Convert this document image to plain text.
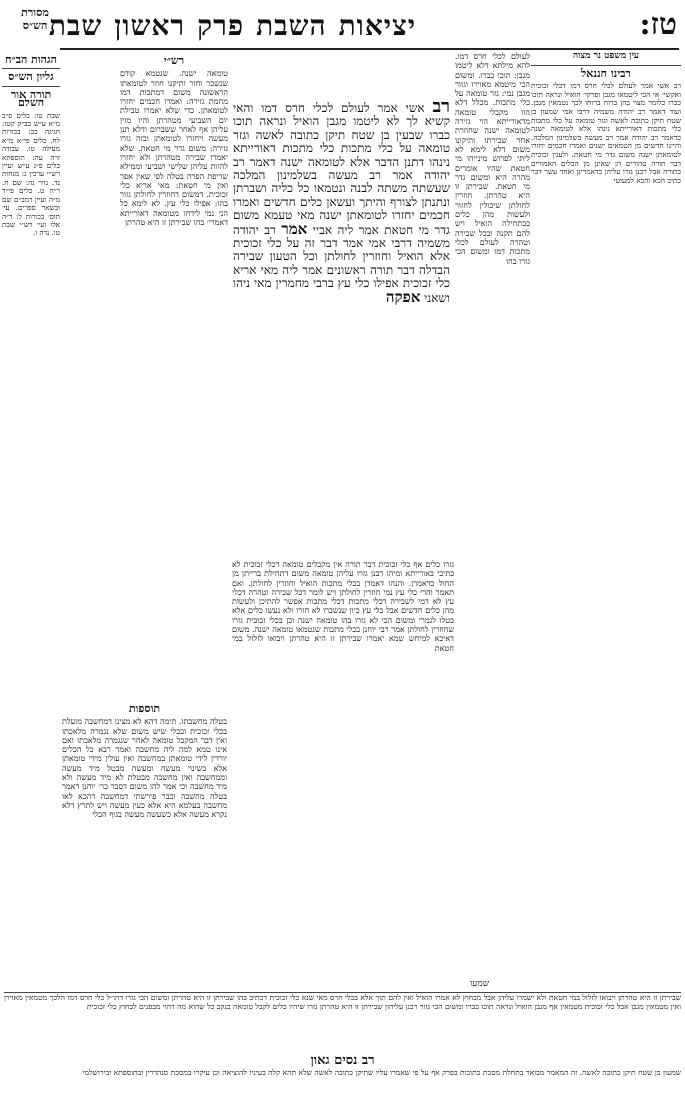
מסורת הש״ס	יציאות
השבת
פרק
ראשון
שבת	טז:
עין משפט נר מצוה
רבינו חננאל

רב אשי אמר לעולם לכלי חרס דמו דכלי זכוכית ואקשי׳ אי הכי ליטמאו מגבן ופרקי׳ הואיל ונראה תוכו כברו כלומר מצוי בהן ברוח ברוחו לכך נטמאין מגבן. ועוד דאמר רב יהודה משמיה דרבי אמי שמעון בן שטח תיקן כתובה לאשה וגזר טומאה על כלי מתכות כלי מתכות דאורייתא נינהו אלא לטומאה ישנה כדאמר רב יהודה אמר רב מעשה בשלמינון המלכה. והיינו חדשים מן הטמאים ישנים ואמרו חכמים יחזרו לטומאתן ישנה משום גדר מי חטאת. ולענין זכוכית דבר תורה טהורים הן שאינן מן הכלים האמורים בתורה אבל רבנן גזרו עליהן כדאמרינן ואחד עשר דבר כתיב הכא והכא למעוטי

לעולם לכלי חרס דמו. להא מילתא דלא ליטמו מגבן: תוכו כברו. ומשום הכי מיטמא מאוירו וגזור מגבן נמי: גזר טומאה על כלי מתכות. מכלל דלא הוו מקבלי טומאה מדאורייתא הוי גזירה לטומאה ישנה שחוזרת אחר שבירתו ותיקונו משום דלא לימא לא ליתי לפרוש מינייהו מי חטאת שהיו אומרים מהרה היא ומשום גדר מי חטאת. שבירתן זו היא טהרתן. חוזרין לחולתן שיכולין לחזור ולעשות מהן כלים כבתחילה הואיל ויש להם תקנה ובכל שבירה וטהרה לעולם לכלי מתכות דמו ומשום הכי גזרו בהו

רב אשי אמר לעולם לכלי חרס דמו והאי קשיא לך לא ליטמו מגבן הואיל ונראה תוכו כברו שבעין בן שטח תיקן כתובה לאשה וגזר טומאה על כלי מתכות כלי מתכות דאורייתא נינהו דתנן הדבר אלא לטומאה ישנה דאמר רב יהודה אמר רב מעשה בשלמינון המלכה שעשתה משתה לבנה ונטמאו כל כליה ושברתן ונתנתן לצורף והיתך ועשאן כלים חדשים ואמרו חכמים יחזרו לטומאתן ישנה מאי טעמא משום גדר מי חטאת אמר ליה אביי אמר רב יהודה משמיה דרבי אמי אמר דבר זה על כלי זכוכית אלא הואיל וחוזרין לחולתן וכל הטעון שבירה הבדלה דבר תורה ראשונים אמר ליה מאי אריא כלי זכוכית אפילו כלי עץ ברבי מחמרין מאי ניהו ושאני אפקה

רש״י

טומאה ישנה. שנטמא קודם שנשבר וחזר ותיקנו חוזר לטומאתו הראשונה משום דמתכות דמו מחמת גזירה: ואמרו חכמים יחזרו לטומאתן. כדי שלא יאמרו טבילת יום השביעי מטהרתן והיו מזין עליהן אף לאחר ששברום ודלא תנן מעשה ויחזרו לטומאתן ובזה גזרו גזירה: משום גדר מי חטאת. שלא יאמרו שבירה מטהרתן ולא יחזרו להזות עליהן שלישי ושביעי וממילא שריפת הפרה בטלה לפי שאין אפר ואין מי חטאת: מאי אריא כלי זכוכית. דמשום דחוזרין לחולתן גזור בהו: אפילו כלי עץ. לא לימא כל הני נמי לידחו מטומאה דאורייתא דאמרי׳ בהו שבירתן זו היא טהרתן

גזרו כלים אף כלי זכוכית דבר תורה אין מקבלים טומאה דכלי זכוכית לא כתיבי באורייתא ומיהו רבנן גזרו עליהן טומאה משום דתחילת ברייתן מן החול כדאמרן. והנהו דאמרן בכלי מתכות הואיל וחוזרין לחולתן. ואם תאמר והרי כלי עץ נמי חוזרין לחולתן ויש לומר דכל שבירה וטהרה דכלי עץ לא דמי לשבירה דכלי מתכות דכלי מתכות אפשר להתיכן ולעשות מהן כלים חדשים אבל כלי עץ כיון שנשברו לא חזרו ולא נעשו כלים אלא בטלו לגמרי ומשום הכי לא גזרו בהו טומאה ישנה וכן בכלי זכוכית גזרו שחוזרין לחולתן אמר רבי יוחנן בכלי מתכות שנטמאו טומאה ישנה. משום דאיכא למיחש שמא יאמרו שבירתן זו היא טהרתן ויבואו לזלזל במי חטאת

תוספות

בטלה מחשבתו. תימה דהא לא מצינו דמחשבה מועלת בכלי זכוכית ובכלי שיש משום שלא נגמרה מלאכתו ואין דבר המקבל טומאה לאחר שנגמרה מלאכתו ואם אינו טמא למה ליה מחשבה ואמר רבא כל הכלים יורדין לידי טומאתן במחשבה ואין עולין מידי טומאתן אלא בשינוי מעשה ומעשה מבטל מיד מעשה וממחשבה ואין מחשבה מבטלת לא מיד מעשה ולא מיד מחשבה וכי אמר להו משום דסבר כר׳ יוחנן דאמר בטלה מחשבה וכבר פירשתי דמחשבה דהכא לאו מחשבה בעלמא היא אלא כעין מעשה ויש לתרץ דלא נקרא מעשה אלא כשעשה מעשה בגוף הכלי

הגהות הב״ח
גליון הש״ס
תורה אור השלם

שבת טו: כלים פ״ב מ״א ע״ש בב״ק קטז: חגיגה כב: בכורות לח. כלים פי״א מ״א מעילה טו. עבודה זרה עה: תוספתא כלים פ״ג ע״ש ועיין רש״י ערכין ג: מנחות נד. נזיר נה: שם ח. ר״ה ט. כלים פי״ד מ״ה ועיין רמב״ם שם ובשאר ספרים. עי׳ תוס׳ בכורות ל: ד״ה אלו ועי׳ רש״י שבת טו. נדה ו.

שמעו
שבירתן זו היא טהרתן ויבואו לזלזל במי חטאת ולא ישמרו עליהן אבל מבחוץ לא אמרו הואיל ואין להם תוך אלא בכלי חרס מאי שנא כלי זכוכית דכתיב בהו שבירתן זו היא טהרתן ומשום הכי גזרו דהו״ל כלי חרס דמו הלכך מטמאין מאוירן ואין מטמאין מגבן אבל כלי זכוכית מטמאין אף מגבן הואיל ונראה תוכו כברו ומשום הכי גזור רבנן עליהון שבירתן זו היא טהרתן גזרו שיהיו כלים לקבל טומאה בנקב כל שהוא מה דהוי מבפנים לבחוץ כלי זכוכית
רב נסים גאון
שמעון בן שטח תיקן כתובה לאשה. זה המאמר מבואר בתחלת מסכת כתובות בפרק אף על פי שאמרו עליו שתיקן כתובה לאשה שלא תהא קלה בעיניו להוציאה וכן עיקרו במסכת סנהדרין ובתוספתא ובירושלמי
